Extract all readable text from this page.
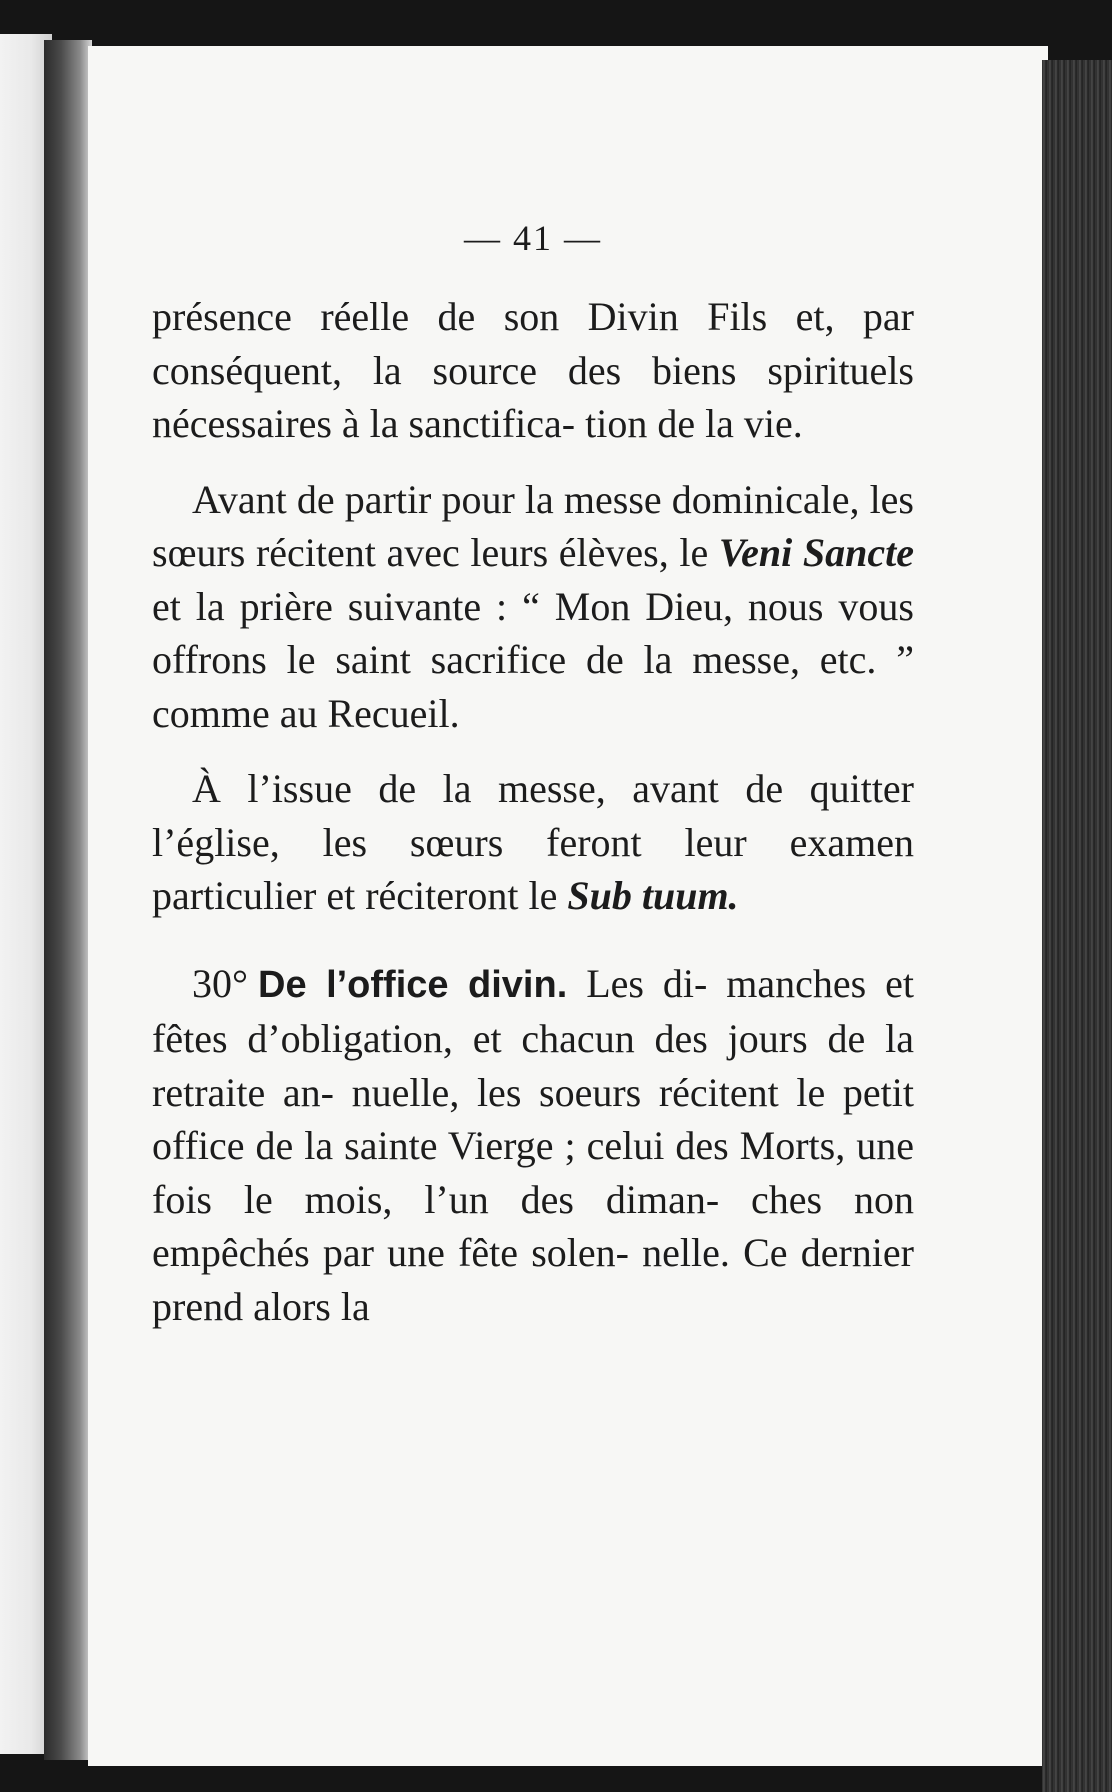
— 41 —

présence réelle de son Divin Fils et, par conséquent, la source des biens spirituels nécessaires à la sanctifica- tion de la vie.

Avant de partir pour la messe dominicale, les sœurs récitent avec leurs élèves, le Veni Sancte et la prière suivante : “ Mon Dieu, nous vous offrons le saint sacrifice de la messe, etc. ” comme au Recueil.

À l’issue de la messe, avant de quitter l’église, les sœurs feront leur examen particulier et réciteront le Sub tuum.

30° De l’office divin. Les di- manches et fêtes d’obligation, et chacun des jours de la retraite an- nuelle, les soeurs récitent le petit office de la sainte Vierge ; celui des Morts, une fois le mois, l’un des diman- ches non empêchés par une fête solen- nelle. Ce dernier prend alors la
